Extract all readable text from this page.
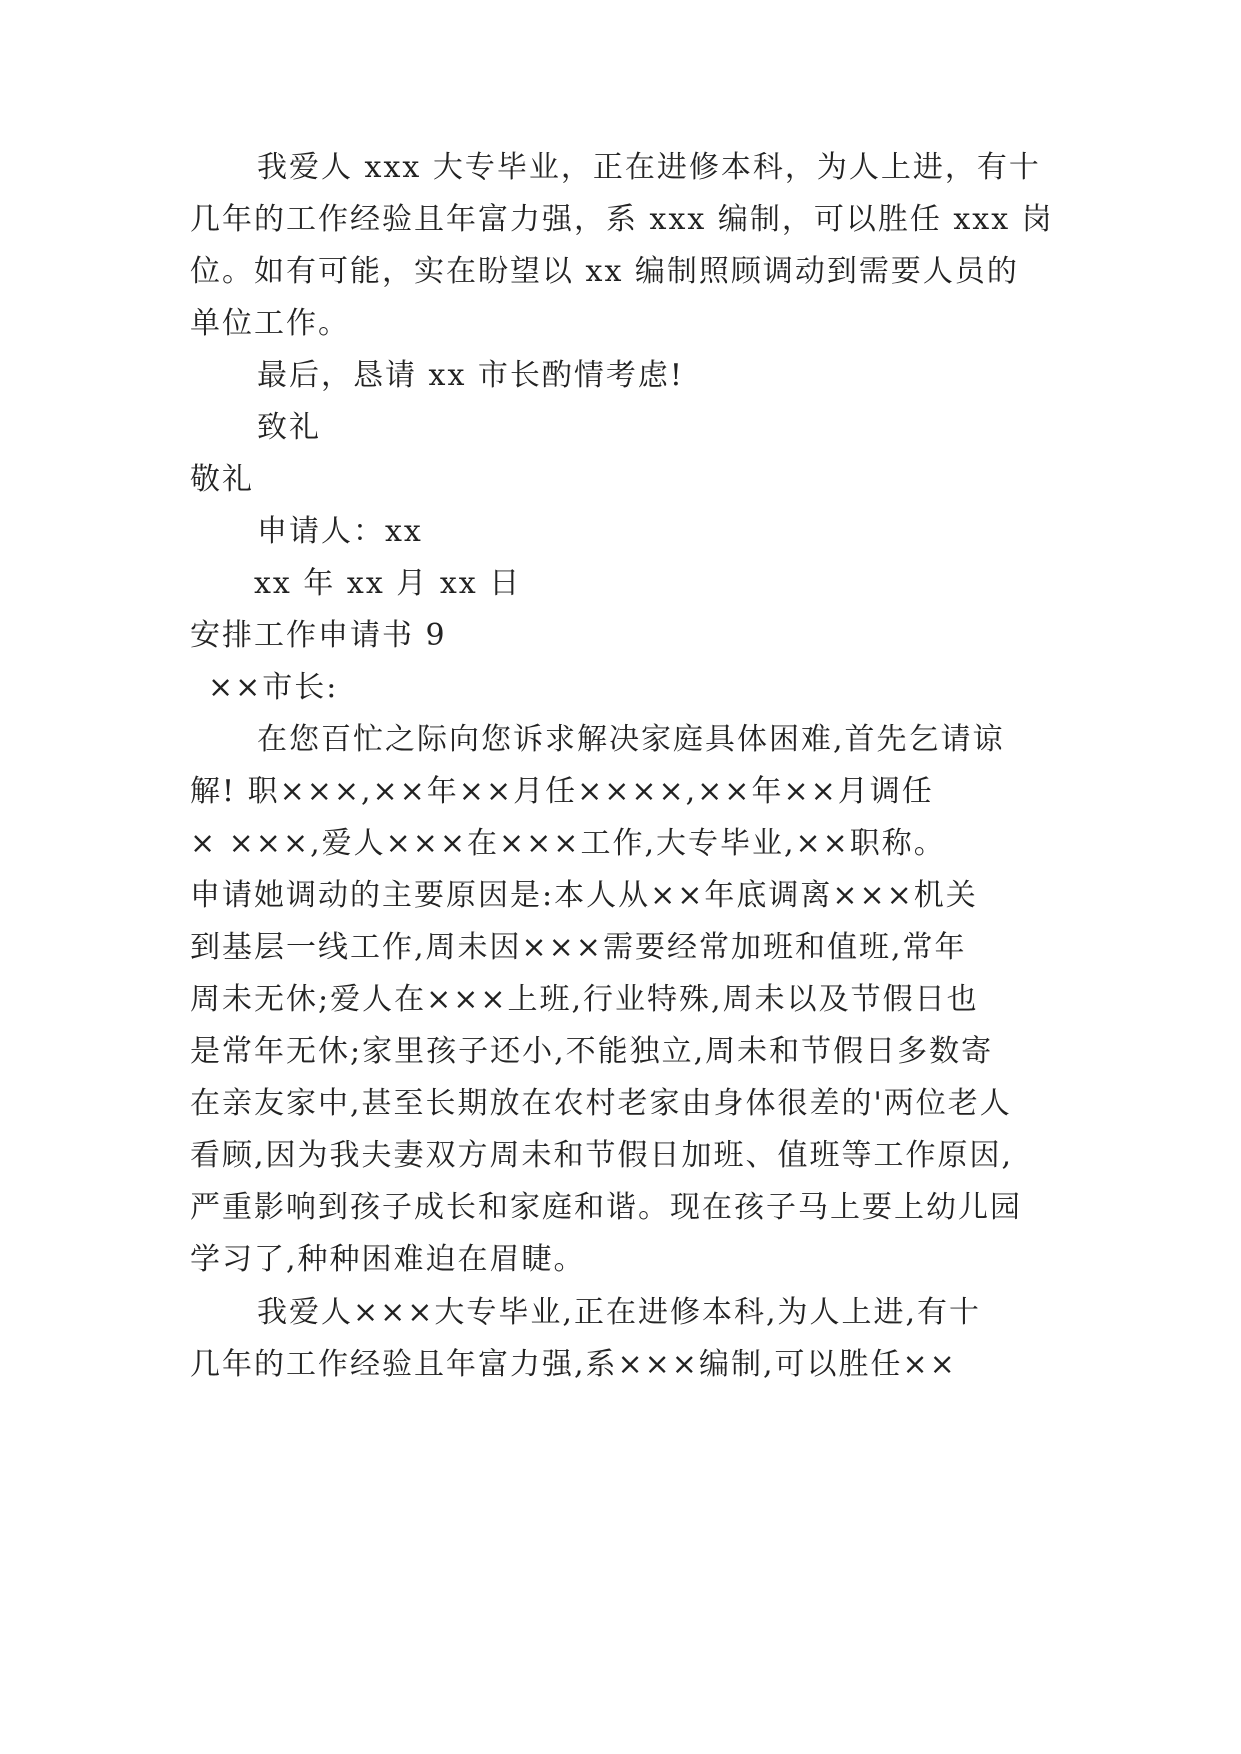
我爱人 xxx 大专毕业，正在进修本科，为人上进，有十
几年的工作经验且年富力强，系 xxx 编制，可以胜任 xxx 岗
位。如有可能，实在盼望以 xx 编制照顾调动到需要人员的
单位工作。
最后，恳请 xx 市长酌情考虑!
致礼
敬礼
申请人：xx
xx 年 xx 月 xx 日
安排工作申请书 9
××市长:
在您百忙之际向您诉求解决家庭具体困难,首先乞请谅
解! 职×××,××年××月任××××,××年××月调任
× ×××,爱人×××在×××工作,大专毕业,××职称。
申请她调动的主要原因是:本人从××年底调离×××机关
到基层一线工作,周未因×××需要经常加班和值班,常年
周未无休;爱人在×××上班,行业特殊,周未以及节假日也
是常年无休;家里孩子还小,不能独立,周未和节假日多数寄
在亲友家中,甚至长期放在农村老家由身体很差的'两位老人
看顾,因为我夫妻双方周未和节假日加班、值班等工作原因,
严重影响到孩子成长和家庭和谐。现在孩子马上要上幼儿园
学习了,种种困难迫在眉睫。
我爱人×××大专毕业,正在进修本科,为人上进,有十
几年的工作经验且年富力强,系×××编制,可以胜任××
